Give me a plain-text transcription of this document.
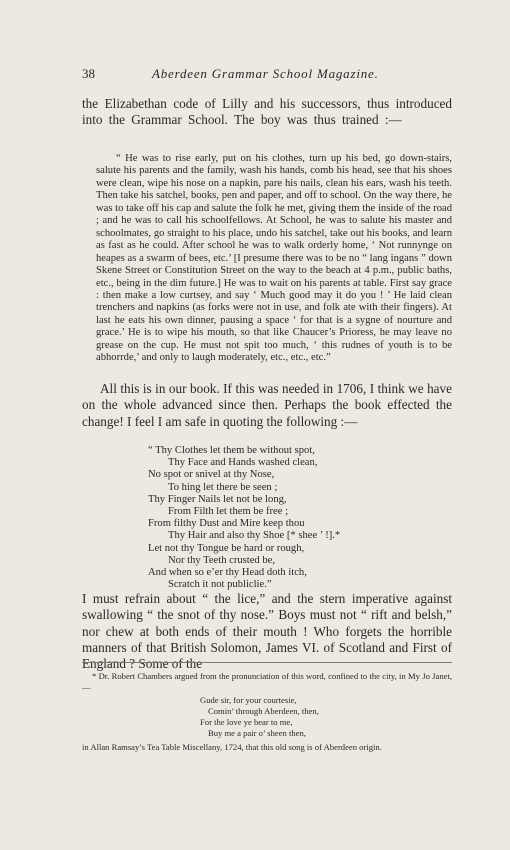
38	Aberdeen Grammar School Magazine.

the Elizabethan code of Lilly and his successors, thus introduced into the Grammar School. The boy was thus trained :—

“ He was to rise early, put on his clothes, turn up his bed, go down-stairs, salute his parents and the family, wash his hands, comb his head, see that his shoes were clean, wipe his nose on a napkin, pare his nails, clean his ears, wash his teeth. Then take his satchel, books, pen and paper, and off to school. On the way there, he was to take off his cap and salute the folk he met, giving them the inside of the road ; and he was to call his schoolfellows. At School, he was to salute his master and schoolmates, go straight to his place, undo his satchel, take out his books, and learn as fast as he could. After school he was to walk orderly home, ‘ Not runnynge on heapes as a swarm of bees, etc.’ [I presume there was to be no “ lang ingans ” down Skene Street or Constitution Street on the way to the beach at 4 p.m., public baths, etc., being in the dim future.] He was to wait on his parents at table. First say grace : then make a low curtsey, and say ‘ Much good may it do you ! ’ He laid clean trenchers and napkins (as forks were not in use, and folk ate with their fingers). At last he eats his own dinner, pausing a space ‘ for that is a sygne of nourture and grace.’ He is to wipe his mouth, so that like Chaucer’s Prioress, he may leave no grease on the cup. He must not spit too much, ‘ this rudnes of youth is to be abhorrde,’ and only to laugh moderately, etc., etc., etc.”

All this is in our book. If this was needed in 1706, I think we have on the whole advanced since then. Perhaps the book effected the change! I feel I am safe in quoting the following :—

“ Thy Clothes let them be without spot,
Thy Face and Hands washed clean,
No spot or snivel at thy Nose,
To hing let there be seen ;
Thy Finger Nails let not be long,
From Filth let them be free ;
From filthy Dust and Mire keep thou
Thy Hair and also thy Shoe [* shee ’ !].*
Let not thy Tongue be hard or rough,
Nor thy Teeth crusted be,
And when so e’er thy Head doth itch,
Scratch it not publiclie.”

I must refrain about “ the lice,” and the stern imperative against swallowing “ the snot of thy nose.” Boys must not “ rift and belsh,” nor chew at both ends of their mouth ! Who forgets the horrible manners of that British Solomon, James VI. of Scotland and First of England ? Some of the

* Dr. Robert Chambers argued from the pronunciation of this word, confined to the city, in My Jo Janet,—

Gude sir, for your courtesie,
Comin’ through Aberdeen, then,
For the love ye bear to me,
Buy me a pair o’ sheen then,

in Allan Ramsay’s Tea Table Miscellany, 1724, that this old song is of Aberdeen origin.
